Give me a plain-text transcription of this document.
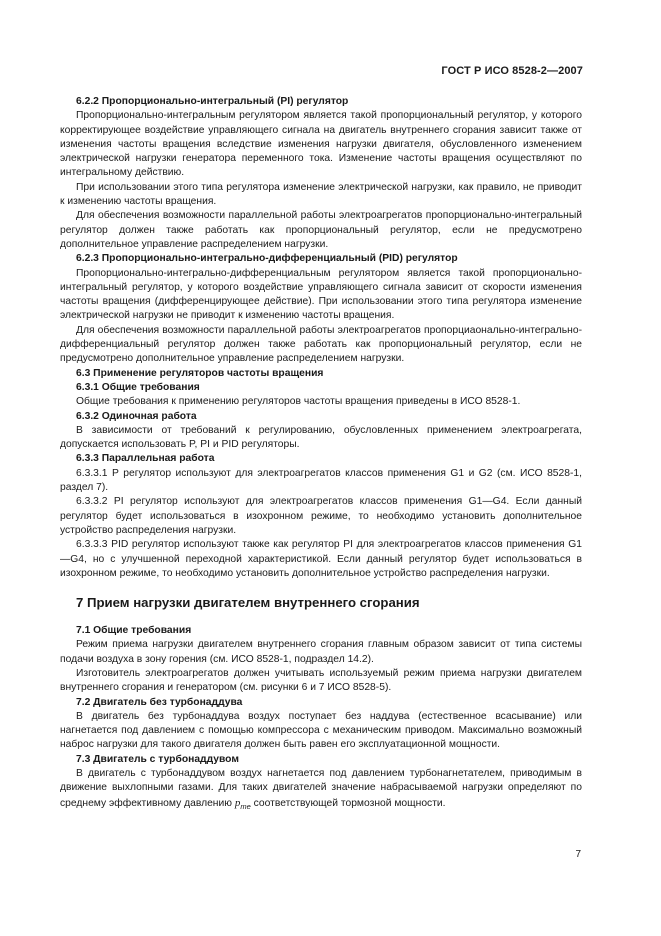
ГОСТ Р ИСО 8528-2—2007
6.2.2 Пропорционально-интегральный (PI) регулятор
Пропорционально-интегральным регулятором является такой пропорциональный регулятор, у которого корректирующее воздействие управляющего сигнала на двигатель внутреннего сгорания зависит также от изменения частоты вращения вследствие изменения нагрузки двигателя, обусловленного изменением электрической нагрузки генератора переменного тока. Изменение частоты вращения осуществляют по интегральному действию.
При использовании этого типа регулятора изменение электрической нагрузки, как правило, не приводит к изменению частоты вращения.
Для обеспечения возможности параллельной работы электроагрегатов пропорционально-интегральный регулятор должен также работать как пропорциональный регулятор, если не предусмотрено дополнительное управление распределением нагрузки.
6.2.3 Пропорционально-интегрально-дифференциальный (PID) регулятор
Пропорционально-интегрально-дифференциальным регулятором является такой пропорционально-интегральный регулятор, у которого воздействие управляющего сигнала зависит от скорости изменения частоты вращения (дифференцирующее действие). При использовании этого типа регулятора изменение электрической нагрузки не приводит к изменению частоты вращения.
Для обеспечения возможности параллельной работы электроагрегатов пропорциаонально-интегрально-дифференциальный регулятор должен также работать как пропорциональный регулятор, если не предусмотрено дополнительное управление распределением нагрузки.
6.3 Применение регуляторов частоты вращения
6.3.1 Общие требования
Общие требования к применению регуляторов частоты вращения приведены в ИСО 8528-1.
6.3.2 Одиночная работа
В зависимости от требований к регулированию, обусловленных применением электроагрегата, допускается использовать P, PI и PID регуляторы.
6.3.3 Параллельная работа
6.3.3.1 Р регулятор используют для электроагрегатов классов применения G1 и G2 (см. ИСО 8528-1, раздел 7).
6.3.3.2 PI регулятор используют для электроагрегатов классов применения G1—G4. Если данный регулятор будет использоваться в изохронном режиме, то необходимо установить дополнительное устройство распределения нагрузки.
6.3.3.3 PID регулятор используют также как регулятор PI для электроагрегатов классов применения G1—G4, но с улучшенной переходной характеристикой. Если данный регулятор будет использоваться в изохронном режиме, то необходимо установить дополнительное устройство распределения нагрузки.
7 Прием нагрузки двигателем внутреннего сгорания
7.1 Общие требования
Режим приема нагрузки двигателем внутреннего сгорания главным образом зависит от типа системы подачи воздуха в зону горения (см. ИСО 8528-1, подраздел 14.2).
Изготовитель электроагрегатов должен учитывать используемый режим приема нагрузки двигателем внутреннего сгорания и генератором (см. рисунки 6 и 7 ИСО 8528-5).
7.2 Двигатель без турбонаддува
В двигатель без турбонаддува воздух поступает без наддува (естественное всасывание) или нагнетается под давлением с помощью компрессора с механическим приводом. Максимально возможный наброс нагрузки для такого двигателя должен быть равен его эксплуатационной мощности.
7.3 Двигатель с турбонаддувом
В двигатель с турбонаддувом воздух нагнетается под давлением турбонагнетателем, приводимым в движение выхлопными газами. Для таких двигателей значение набрасываемой нагрузки определяют по среднему эффективному давлению $p_{me}$ соответствующей тормозной мощности.
7
